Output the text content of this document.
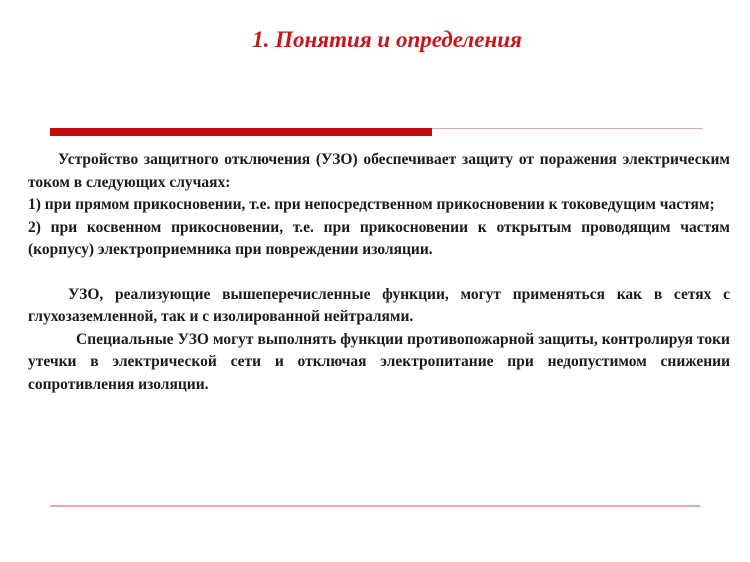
1. Понятия и определения

Устройство защитного отключения (УЗО) обеспечивает защиту от поражения электрическим током в следующих случаях:

1) при прямом прикосновении, т.е. при непосредственном прикосновении к токоведущим частям;

2) при косвенном прикосновении, т.е. при прикосновении к открытым проводящим частям (корпусу) электроприемника при повреждении изоляции.

УЗО, реализующие вышеперечисленные функции, могут применяться как в сетях с глухозаземленной, так и с изолированной нейтралями.

Специальные УЗО могут выполнять функции противопожарной защиты, контролируя токи утечки в электрической сети и отключая электропитание при недопустимом снижении сопротивления изоляции.
